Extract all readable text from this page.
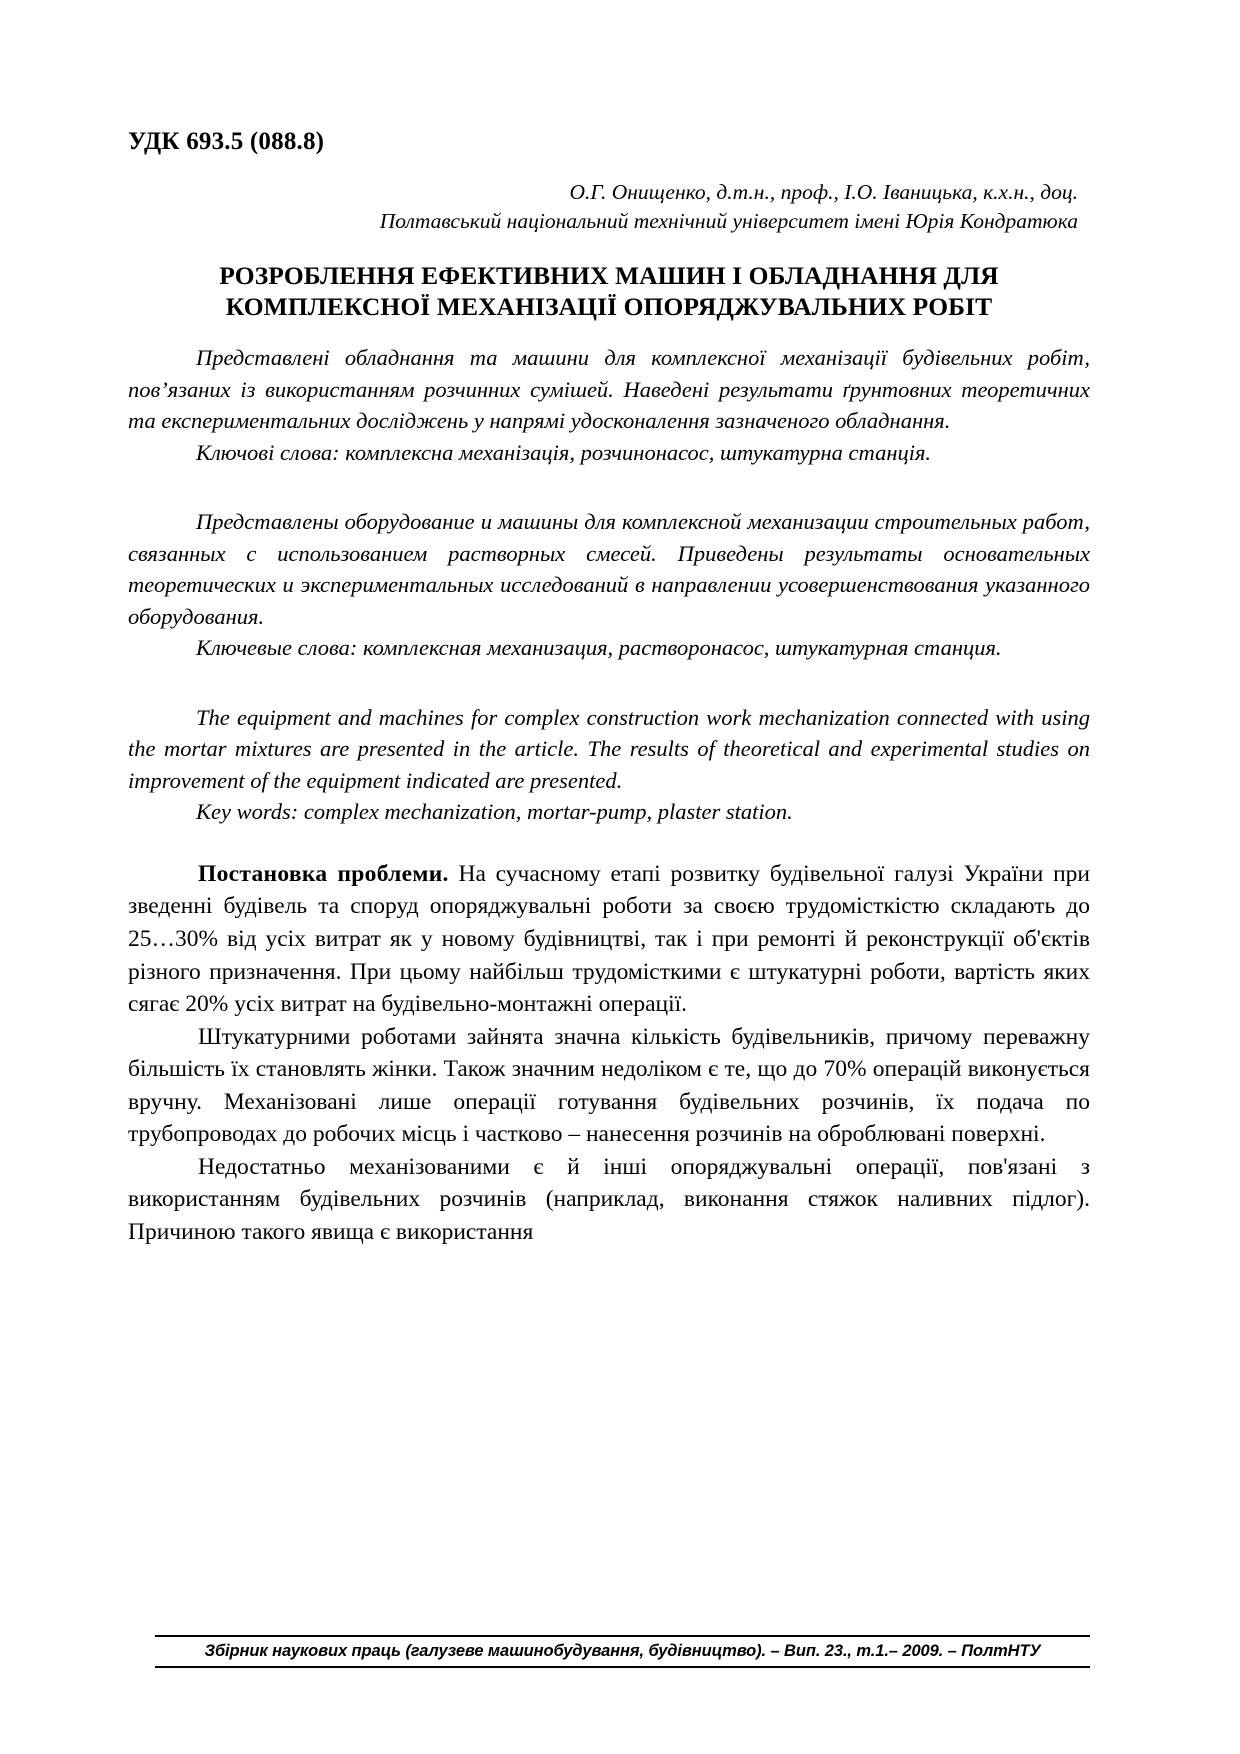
УДК 693.5 (088.8)
О.Г. Онищенко, д.т.н., проф., І.О. Іваницька, к.х.н., доц.
Полтавський національний технічний університет імені Юрія Кондратюка
РОЗРОБЛЕННЯ ЕФЕКТИВНИХ МАШИН І ОБЛАДНАННЯ ДЛЯ
КОМПЛЕКСНОЇ МЕХАНІЗАЦІЇ ОПОРЯДЖУВАЛЬНИХ РОБІТ

Представлені обладнання та машини для комплексної механізації будівельних робіт, пов’язаних із використанням розчинних сумішей. Наведені результати ґрунтовних теоретичних та експериментальних досліджень у напрямі удосконалення зазначеного обладнання.

Ключові слова: комплексна механізація, розчинонасос, штукатурна станція.

Представлены оборудование и машины для комплексной механизации строительных работ, связанных с использованием растворных смесей. Приведены результаты основательных теоретических и экспериментальных исследований в направлении усовершенствования указанного оборудования.

Ключевые слова: комплексная механизация, растворонасос, штукатурная станция.

The equipment and machines for complex construction work mechanization connected with using the mortar mixtures are presented in the article. The results of theoretical and experimental studies on improvement of the equipment indicated are presented.

Key words: complex mechanization, mortar-pump, plaster station.

Постановка проблеми. На сучасному етапі розвитку будівельної галузі України при зведенні будівель та споруд опоряджувальні роботи за своєю трудомісткістю складають до 25…30% від усіх витрат як у новому будівництві, так і при ремонті й реконструкції об'єктів різного призначення. При цьому найбільш трудомісткими є штукатурні роботи, вартість яких сягає 20% усіх витрат на будівельно-монтажні операції.

Штукатурними роботами зайнята значна кількість будівельників, причому переважну більшість їх становлять жінки. Також значним недоліком є те, що до 70% операцій виконується вручну. Механізовані лише операції готування будівельних розчинів, їх подача по трубопроводах до робочих місць і частково – нанесення розчинів на оброблювані поверхні.

Недостатньо механізованими є й інші опоряджувальні операції, пов'язані з використанням будівельних розчинів (наприклад, виконання стяжок наливних підлог). Причиною такого явища є використання

Збірник наукових праць (галузеве машинобудування, будівництво). – Вип. 23., т.1.– 2009. – ПолтНТУ
